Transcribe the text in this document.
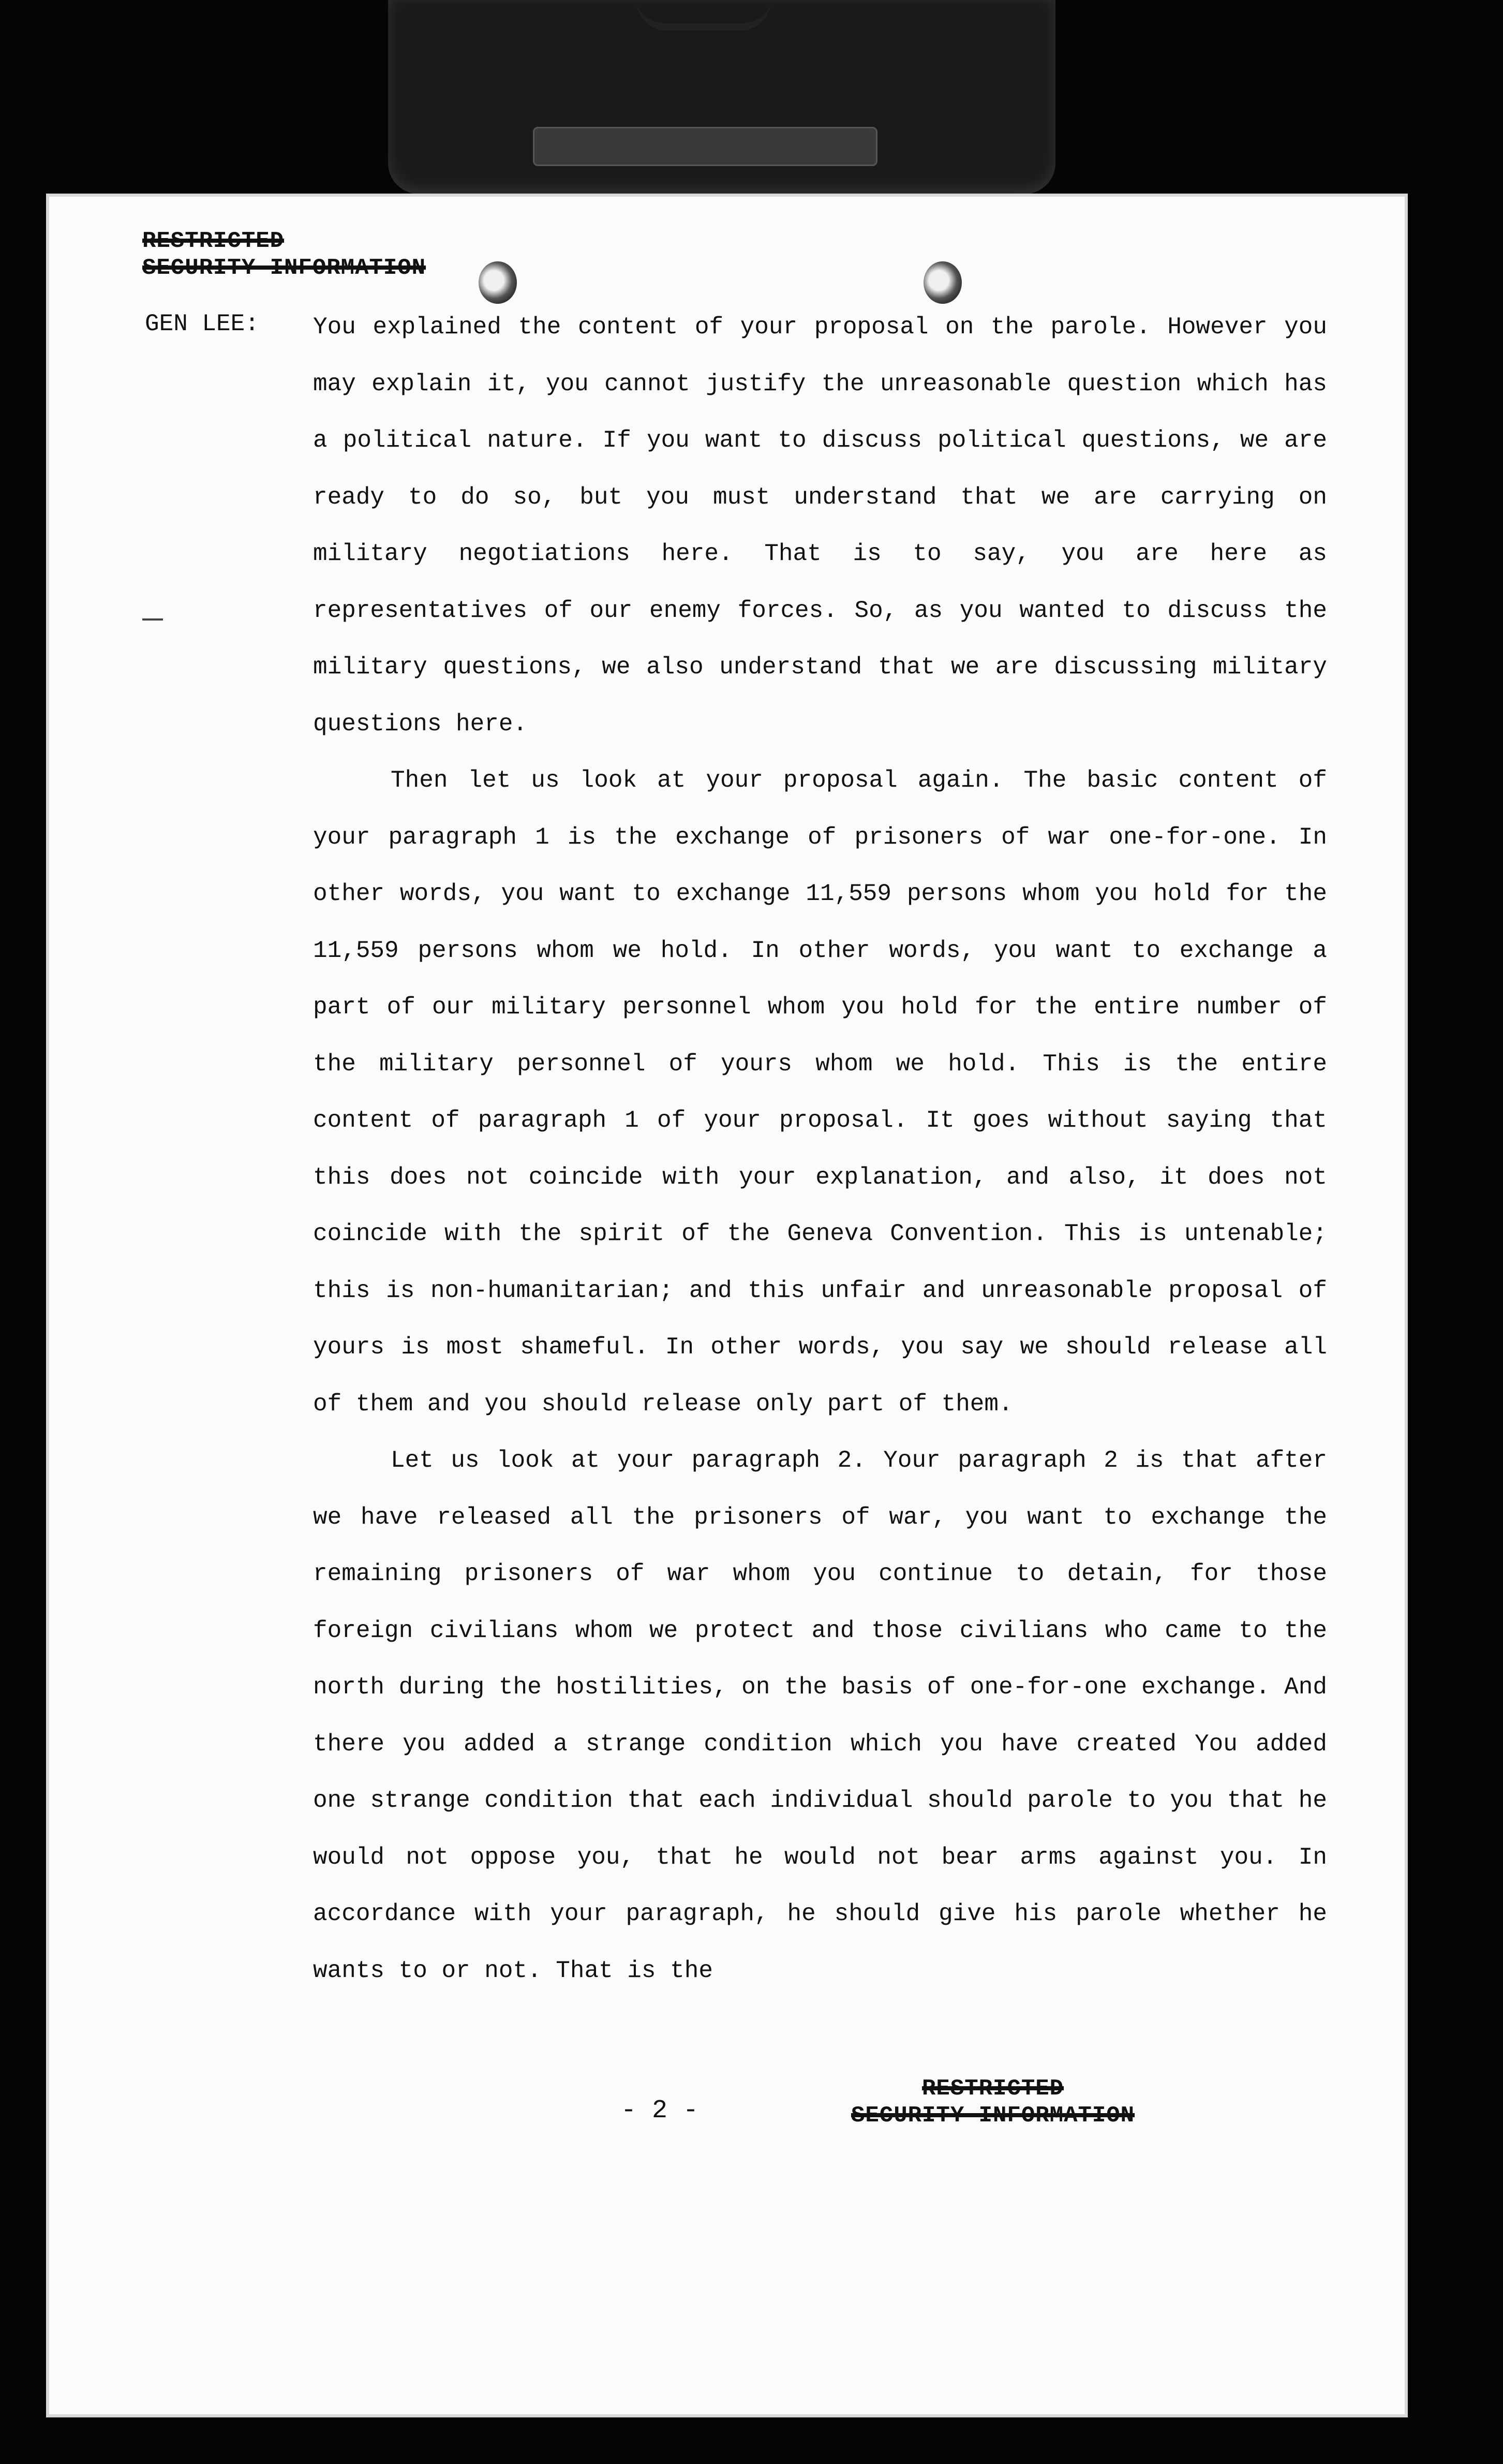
RESTRICTED
SECURITY INFORMATION
GEN LEE: You explained the content of your proposal on the parole. However you may explain it, you cannot justify the unreasonable question which has a political nature. If you want to discuss political questions, we are ready to do so, but you must understand that we are carrying on military negotiations here. That is to say, you are here as representatives of our enemy forces. So, as you wanted to discuss the military questions, we also understand that we are discussing military questions here.

Then let us look at your proposal again. The basic content of your paragraph 1 is the exchange of prisoners of war one-for-one. In other words, you want to exchange 11,559 persons whom you hold for the 11,559 persons whom we hold. In other words, you want to exchange a part of our military personnel whom you hold for the entire number of the military personnel of yours whom we hold. This is the entire content of paragraph 1 of your proposal. It goes without saying that this does not coincide with your explanation, and also, it does not coincide with the spirit of the Geneva Convention. This is untenable; this is non-humanitarian; and this unfair and unreasonable proposal of yours is most shameful. In other words, you say we should release all of them and you should release only part of them.

Let us look at your paragraph 2. Your paragraph 2 is that after we have released all the prisoners of war, you want to exchange the remaining prisoners of war whom you continue to detain, for those foreign civilians whom we protect and those civilians who came to the north during the hostilities, on the basis of one-for-one exchange. And there you added a strange condition which you have created You added one strange condition that each individual should parole to you that he would not oppose you, that he would not bear arms against you. In accordance with your paragraph, he should give his parole whether he wants to or not. That is the

- 2 -
RESTRICTED
SECURITY INFORMATION
